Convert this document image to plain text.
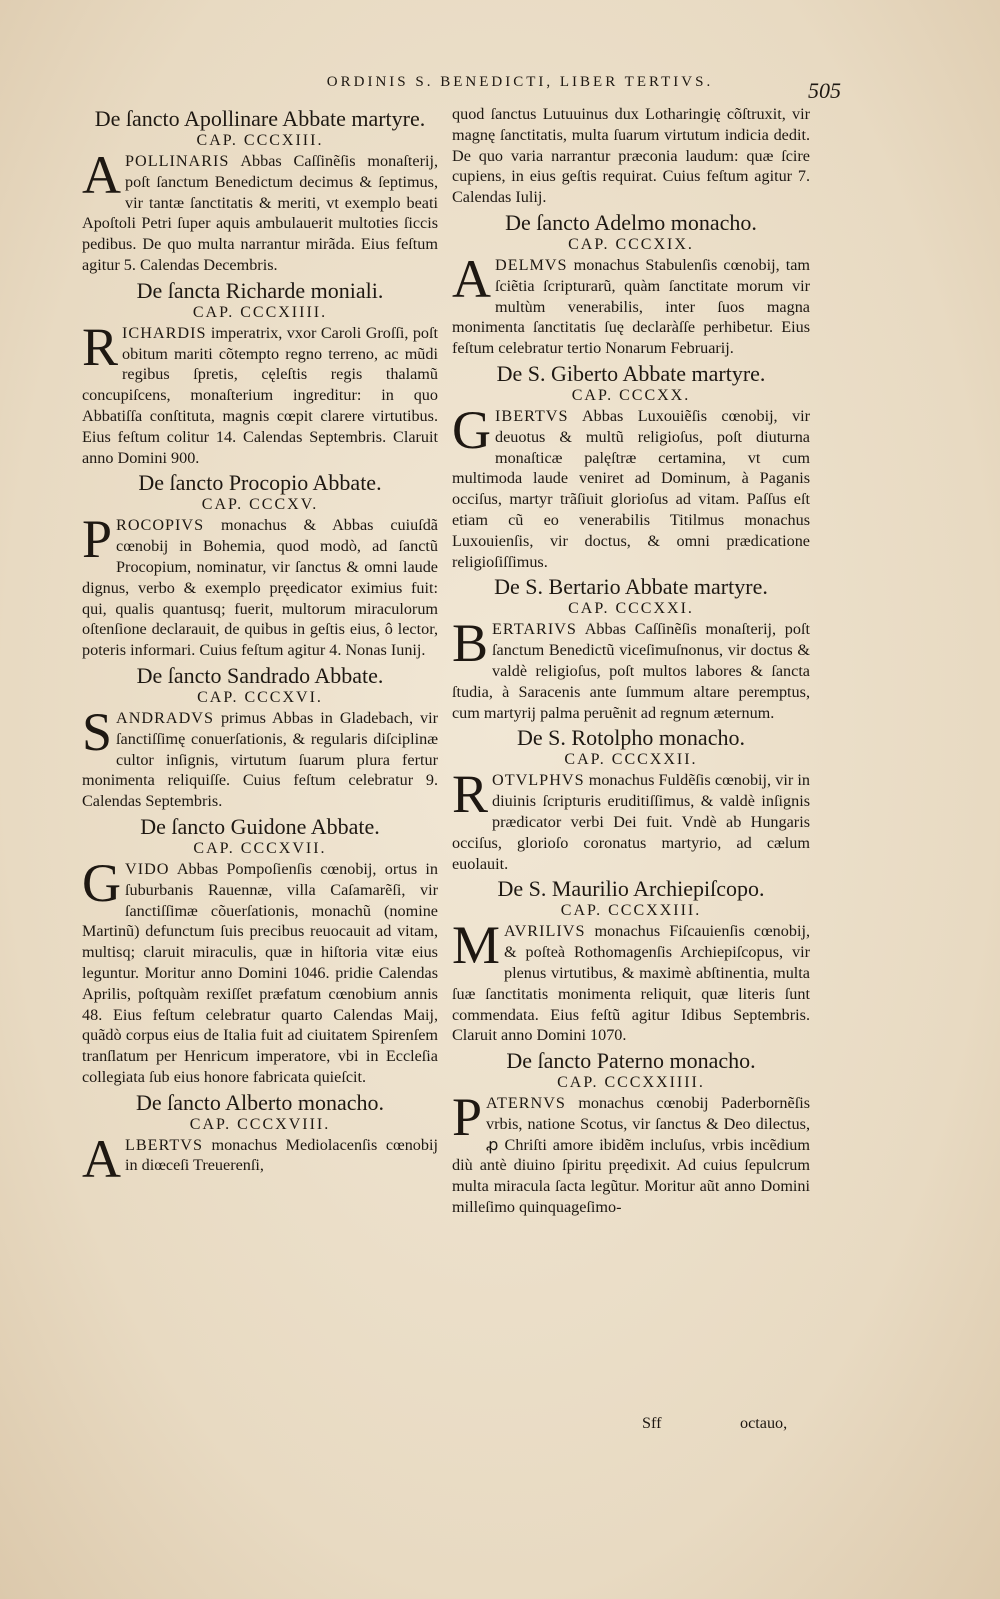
ORDINIS S. BENEDICTI, LIBER TERTIVS.	505
De ſancto Apollinare Abbate martyre.
CAP. CCCXIII.

APOLLINARIS Abbas Caſſinẽſis monaſterij, poſt ſanctum Benedictum decimus & ſeptimus, vir tantæ ſanctitatis & meriti, vt exemplo beati Apoſtoli Petri ſuper aquis ambulauerit multoties ſiccis pedibus. De quo multa narrantur mirãda. Eius feſtum agitur 5. Calendas Decembris.

De ſancta Richarde moniali.
CAP. CCCXIIII.

RICHARDIS imperatrix, vxor Caroli Groſſi, poſt obitum mariti cõtempto regno terreno, ac mũdi regibus ſpretis, cęleſtis regis thalamũ concupiſcens, monaſterium ingreditur: in quo Abbatiſſa conſtituta, magnis cœpit clarere virtutibus. Eius feſtum colitur 14. Calendas Septembris. Claruit anno Domini 900.

De ſancto Procopio Abbate.
CAP. CCCXV.

PROCOPIVS monachus & Abbas cuiuſdã cœnobij in Bohemia, quod modò, ad ſanctũ Procopium, nominatur, vir ſanctus & omni laude dignus, verbo & exemplo pręedicator eximius fuit: qui, qualis quantusq; fuerit, multorum miraculorum oſtenſione declarauit, de quibus in geſtis eius, ô lector, poteris informari. Cuius feſtum agitur 4. Nonas Iunij.

De ſancto Sandrado Abbate.
CAP. CCCXVI.

SANDRADVS primus Abbas in Gladebach, vir ſanctiſſimę conuerſationis, & regularis diſciplinæ cultor inſignis, virtutum ſuarum plura fertur monimenta reliquiſſe. Cuius feſtum celebratur 9. Calendas Septembris.

De ſancto Guidone Abbate.
CAP. CCCXVII.

GVIDO Abbas Pompoſienſis cœnobij, ortus in ſuburbanis Rauennæ, villa Caſamarẽſi, vir ſanctiſſimæ cõuerſationis, monachũ (nomine Martinũ) defunctum ſuis precibus reuocauit ad vitam, multisq; claruit miraculis, quæ in hiſtoria vitæ eius leguntur. Moritur anno Domini 1046. pridie Calendas Aprilis, poſtquàm rexiſſet præfatum cœnobium annis 48. Eius feſtum celebratur quarto Calendas Maij, quãdò corpus eius de Italia fuit ad ciuitatem Spirenſem tranſlatum per Henricum imperatore, vbi in Eccleſia collegiata ſub eius honore fabricata quieſcit.

De ſancto Alberto monacho.
CAP. CCCXVIII.

ALBERTVS monachus Mediolacenſis cœnobij in diœceſi Treuerenſi,

quod ſanctus Lutuuinus dux Lotharingię cõſtruxit, vir magnę ſanctitatis, multa ſuarum virtutum indicia dedit. De quo varia narrantur præconia laudum: quæ ſcire cupiens, in eius geſtis requirat. Cuius feſtum agitur 7. Calendas Iulij.

De ſancto Adelmo monacho.
CAP. CCCXIX.

ADELMVS monachus Stabulenſis cœnobij, tam ſciẽtia ſcripturarũ, quàm ſanctitate morum vir multùm venerabilis, inter ſuos magna monimenta ſanctitatis ſuę declaràſſe perhibetur. Eius feſtum celebratur tertio Nonarum Februarij.

De S. Giberto Abbate martyre.
CAP. CCCXX.

GIBERTVS Abbas Luxouiẽſis cœnobij, vir deuotus & multũ religioſus, poſt diuturna monaſticæ palęſtræ certamina, vt cum multimoda laude veniret ad Dominum, à Paganis occiſus, martyr trãſiuit glorioſus ad vitam. Paſſus eſt etiam cũ eo venerabilis Titilmus monachus Luxouienſis, vir doctus, & omni prædicatione religioſiſſimus.

De S. Bertario Abbate martyre.
CAP. CCCXXI.

BERTARIVS Abbas Caſſinẽſis monaſterij, poſt ſanctum Benedictũ viceſimuſnonus, vir doctus & valdè religioſus, poſt multos labores & ſancta ſtudia, à Saracenis ante ſummum altare peremptus, cum martyrij palma peruẽnit ad regnum æternum.

De S. Rotolpho monacho.
CAP. CCCXXII.

ROTVLPHVS monachus Fuldẽſis cœnobij, vir in diuinis ſcripturis eruditiſſimus, & valdè inſignis prædicator verbi Dei fuit. Vndè ab Hungaris occiſus, glorioſo coronatus martyrio, ad cælum euolauit.

De S. Maurilio Archiepiſcopo.
CAP. CCCXXIII.

MAVRILIVS monachus Fiſcauienſis cœnobij, & poſteà Rothomagenſis Archiepiſcopus, vir plenus virtutibus, & maximè abſtinentia, multa ſuæ ſanctitatis monimenta reliquit, quæ literis ſunt commendata. Eius feſtũ agitur Idibus Septembris. Claruit anno Domini 1070.

De ſancto Paterno monacho.
CAP. CCCXXIIII.

PATERNVS monachus cœnobij Paderbornẽſis vrbis, natione Scotus, vir ſanctus & Deo dilectus, ꝓ Chriſti amore ibidẽm incluſus, vrbis incẽdium diù antè diuino ſpiritu pręedixit. Ad cuius ſepulcrum multa miracula ſacta legũtur. Moritur aũt anno Domini milleſimo quinquageſimo-

Sff	octauo,
